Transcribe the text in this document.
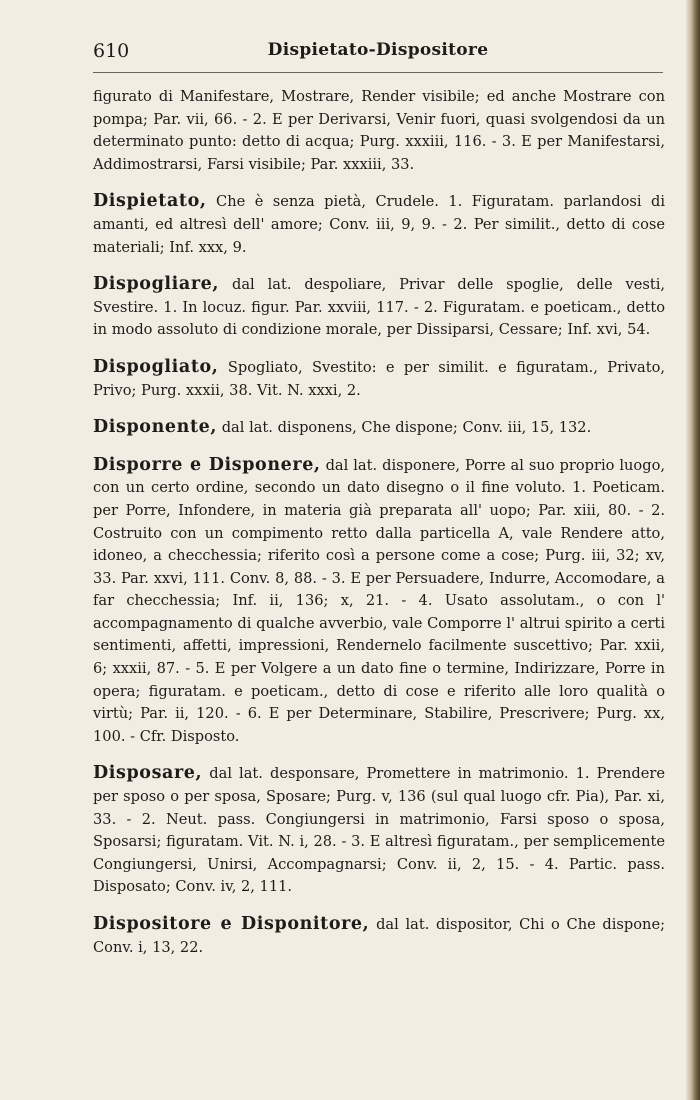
610	Dispietato-Dispositore

figurato di Manifestare, Mostrare, Render visibile; ed anche Mostrare con pompa; Par. vii, 66. - 2. E per Derivarsi, Venir fuori, quasi svolgendosi da un determinato punto: detto di acqua; Purg. xxxiii, 116. - 3. E per Manifestarsi, Addimostrarsi, Farsi visibile; Par. xxxiii, 33.

Dispietato, Che è senza pietà, Crudele. 1. Figuratam. parlandosi di amanti, ed altresì dell' amore; Conv. iii, 9, 9. - 2. Per similit., detto di cose materiali; Inf. xxx, 9.

Dispogliare, dal lat. despoliare, Privar delle spoglie, delle vesti, Svestire. 1. In locuz. figur. Par. xxviii, 117. - 2. Figuratam. e poeticam., detto in modo assoluto di condizione morale, per Dissiparsi, Cessare; Inf. xvi, 54.

Dispogliato, Spogliato, Svestito: e per similit. e figuratam., Privato, Privo; Purg. xxxii, 38. Vit. N. xxxi, 2.

Disponente, dal lat. disponens, Che dispone; Conv. iii, 15, 132.

Disporre e Disponere, dal lat. disponere, Porre al suo proprio luogo, con un certo ordine, secondo un dato disegno o il fine voluto. 1. Poeticam. per Porre, Infondere, in materia già preparata all' uopo; Par. xiii, 80. - 2. Costruito con un compimento retto dalla particella A, vale Rendere atto, idoneo, a checchessia; riferito così a persone come a cose; Purg. iii, 32; xv, 33. Par. xxvi, 111. Conv. 8, 88. - 3. E per Persuadere, Indurre, Accomodare, a far checchessia; Inf. ii, 136; x, 21. - 4. Usato assolutam., o con l' accompagnamento di qualche avverbio, vale Comporre l' altrui spirito a certi sentimenti, affetti, impressioni, Rendernelo facilmente suscettivo; Par. xxii, 6; xxxii, 87. - 5. E per Volgere a un dato fine o termine, Indirizzare, Porre in opera; figuratam. e poeticam., detto di cose e riferito alle loro qualità o virtù; Par. ii, 120. - 6. E per Determinare, Stabilire, Prescrivere; Purg. xx, 100. - Cfr. Disposto.

Disposare, dal lat. desponsare, Promettere in matrimonio. 1. Prendere per sposo o per sposa, Sposare; Purg. v, 136 (sul qual luogo cfr. Pia), Par. xi, 33. - 2. Neut. pass. Congiungersi in matrimonio, Farsi sposo o sposa, Sposarsi; figuratam. Vit. N. i, 28. - 3. E altresì figuratam., per semplicemente Congiungersi, Unirsi, Accompagnarsi; Conv. ii, 2, 15. - 4. Partic. pass. Disposato; Conv. iv, 2, 111.

Dispositore e Disponitore, dal lat. dispositor, Chi o Che dispone; Conv. i, 13, 22.
